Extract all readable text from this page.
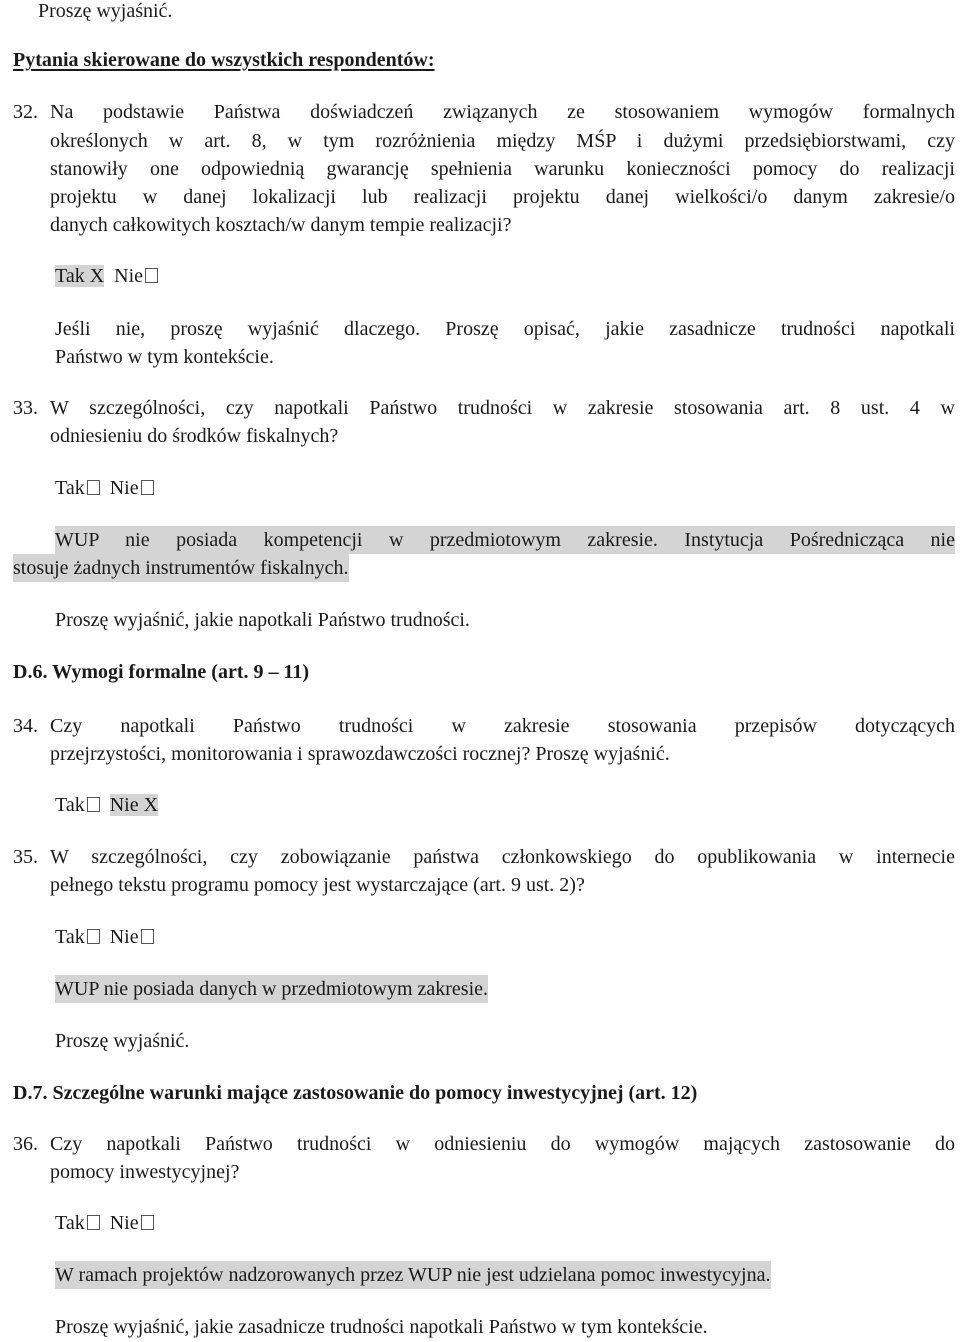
Proszę wyjaśnić.
Pytania skierowane do wszystkich respondentów:
32. Na podstawie Państwa doświadczeń związanych ze stosowaniem wymogów formalnych
określonych w art. 8, w tym rozróżnienia między MŚP i dużymi przedsiębiorstwami, czy
stanowiły one odpowiednią gwarancję spełnienia warunku konieczności pomocy do realizacji
projektu w danej lokalizacji lub realizacji projektu danej wielkości/o danym zakresie/o
danych całkowitych kosztach/w danym tempie realizacji?
Tak X Nie
Jeśli nie, proszę wyjaśnić dlaczego. Proszę opisać, jakie zasadnicze trudności napotkali
Państwo w tym kontekście.
33. W szczególności, czy napotkali Państwo trudności w zakresie stosowania art. 8 ust. 4 w
odniesieniu do środków fiskalnych?
Tak Nie
WUP nie posiada kompetencji w przedmiotowym zakresie. Instytucja Pośrednicząca nie
stosuje żadnych instrumentów fiskalnych.
Proszę wyjaśnić, jakie napotkali Państwo trudności.
D.6. Wymogi formalne (art. 9 – 11)
34. Czy napotkali Państwo trudności w zakresie stosowania przepisów dotyczących
przejrzystości, monitorowania i sprawozdawczości rocznej? Proszę wyjaśnić.
Tak Nie X
35. W szczególności, czy zobowiązanie państwa członkowskiego do opublikowania w internecie
pełnego tekstu programu pomocy jest wystarczające (art. 9 ust. 2)?
Tak Nie
WUP nie posiada danych w przedmiotowym zakresie.
Proszę wyjaśnić.
D.7. Szczególne warunki mające zastosowanie do pomocy inwestycyjnej (art. 12)
36. Czy napotkali Państwo trudności w odniesieniu do wymogów mających zastosowanie do
pomocy inwestycyjnej?
Tak Nie
W ramach projektów nadzorowanych przez WUP nie jest udzielana pomoc inwestycyjna.
Proszę wyjaśnić, jakie zasadnicze trudności napotkali Państwo w tym kontekście.
